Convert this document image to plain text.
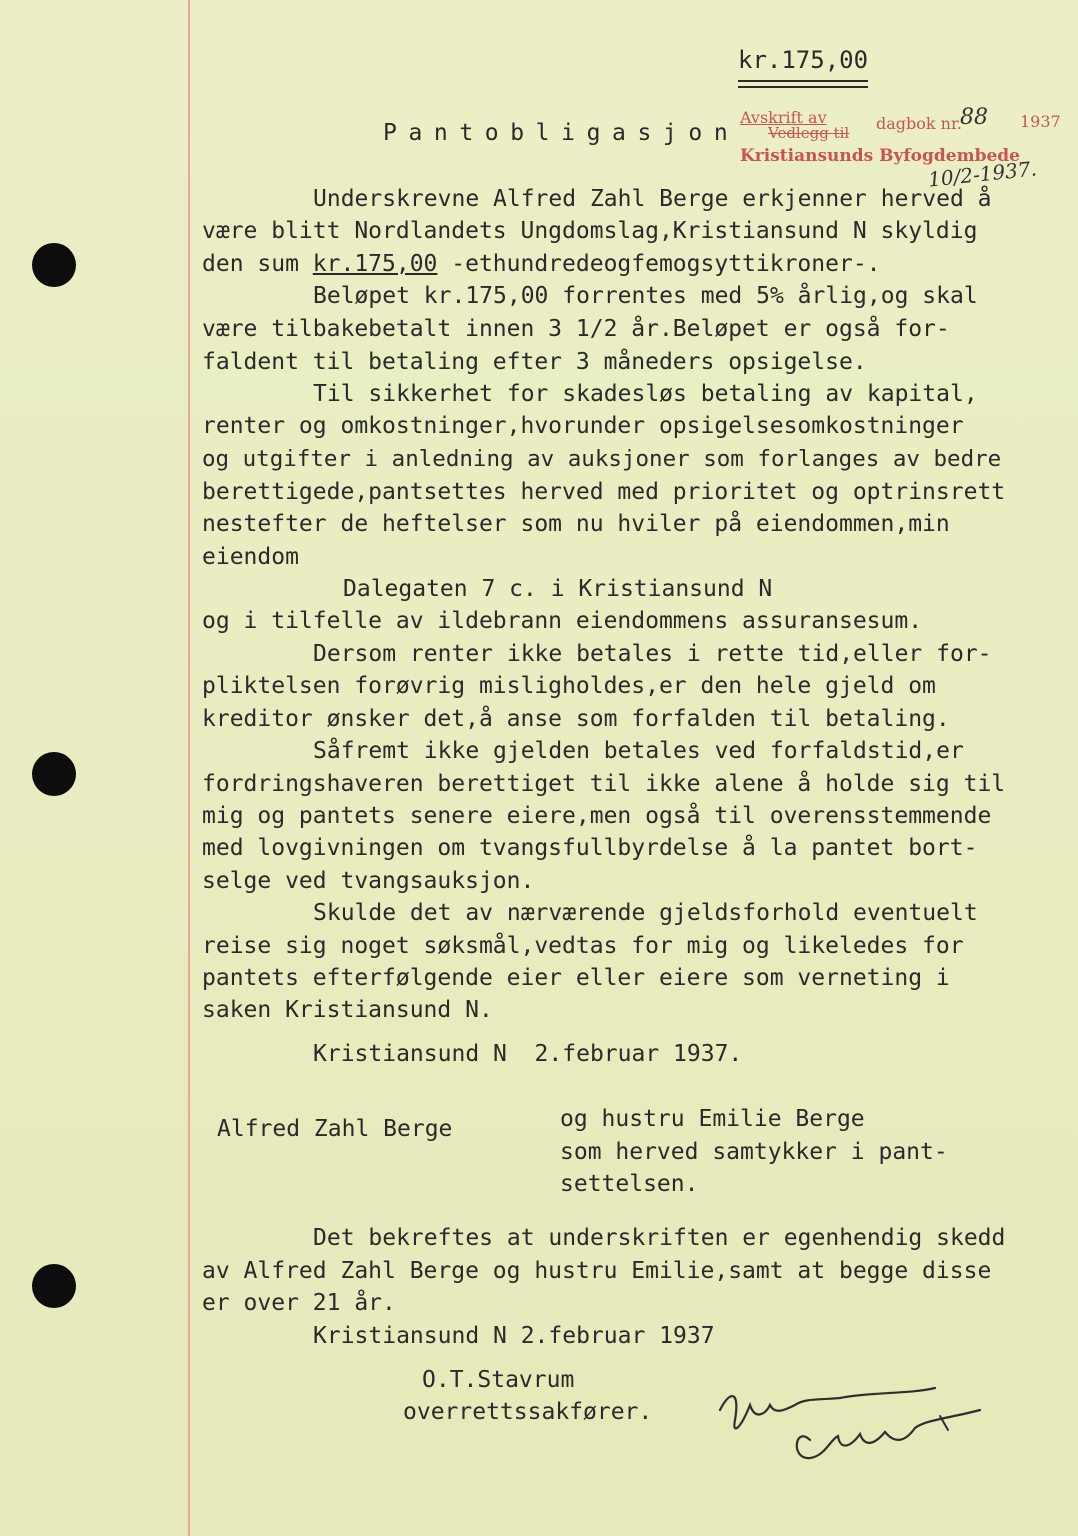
kr.175,00
Pantobligasjon
Avskrift av
Vedlegg til dagbok nr.
88 1937
Kristiansunds Byfogdembede
10/2-1937.
Underskrevne Alfred Zahl Berge erkjenner herved å
være blitt Nordlandets Ungdomslag,Kristiansund N skyldig
den sum kr.175,00 -ethundredeogfemogsyttikroner-.
Beløpet kr.175,00 forrentes med 5% årlig,og skal
være tilbakebetalt innen 3 1/2 år.Beløpet er også for-
faldent til betaling efter 3 måneders opsigelse.
Til sikkerhet for skadesløs betaling av kapital,
renter og omkostninger,hvorunder opsigelsesomkostninger
og utgifter i anledning av auksjoner som forlanges av bedre
berettigede,pantsettes herved med prioritet og optrinsrett
nestefter de heftelser som nu hviler på eiendommen,min
eiendom
Dalegaten 7 c. i Kristiansund N
og i tilfelle av ildebrann eiendommens assuransesum.
Dersom renter ikke betales i rette tid,eller for-
pliktelsen forøvrig misligholdes,er den hele gjeld om
kreditor ønsker det,å anse som forfalden til betaling.
Såfremt ikke gjelden betales ved forfaldstid,er
fordringshaveren berettiget til ikke alene å holde sig til
mig og pantets senere eiere,men også til overensstemmende
med lovgivningen om tvangsfullbyrdelse å la pantet bort-
selge ved tvangsauksjon.
Skulde det av nærværende gjeldsforhold eventuelt
reise sig noget søksmål,vedtas for mig og likeledes for
pantets efterfølgende eier eller eiere som verneting i
saken Kristiansund N.
Kristiansund N  2.februar 1937.
Alfred Zahl Berge	og hustru Emilie Berge
som herved samtykker i pant-
settelsen.
Det bekreftes at underskriften er egenhendig skedd
av Alfred Zahl Berge og hustru Emilie,samt at begge disse
er over 21 år.
Kristiansund N 2.februar 1937
O.T.Stavrum
overrettssakfører.
